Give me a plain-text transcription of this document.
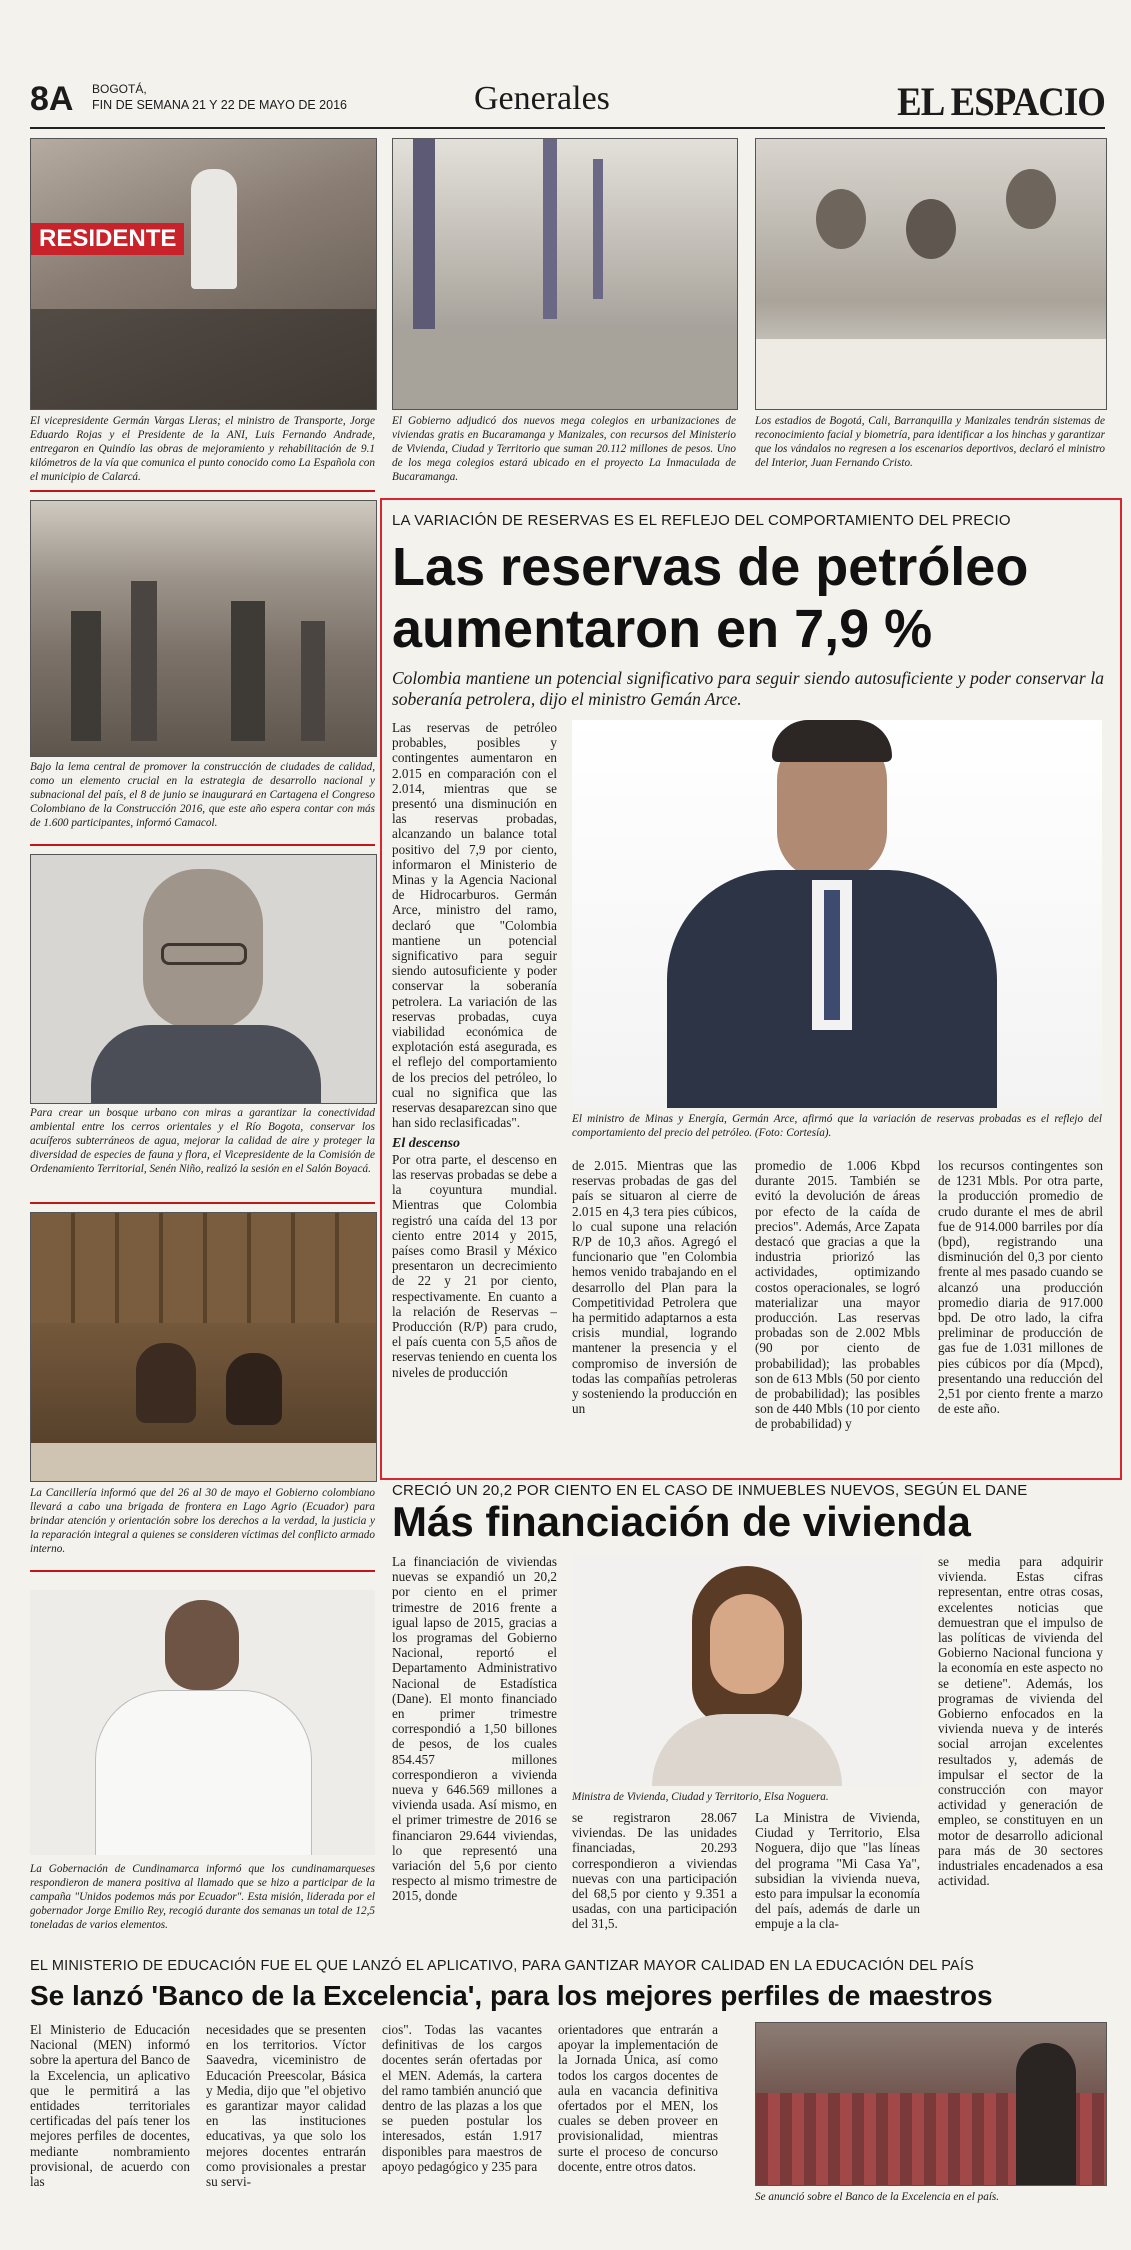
8A BOGOTÁ,
FIN DE SEMANA 21 Y 22 DE MAYO DE 2016	Generales	EL ESPACIO
RESIDENTE
El vicepresidente Germán Vargas Lleras; el ministro de Transporte, Jorge Eduardo Rojas y el Presidente de la ANI, Luis Fernando Andrade, entregaron en Quindío las obras de mejoramiento y rehabilitación de 9.1 kilómetros de la vía que comunica el punto conocido como La Española con el municipio de Calarcá.
El Gobierno adjudicó dos nuevos mega colegios en urbanizaciones de viviendas gratis en Bucaramanga y Manizales, con recursos del Ministerio de Vivienda, Ciudad y Territorio que suman 20.112 millones de pesos. Uno de los mega colegios estará ubicado en el proyecto La Inmaculada de Bucaramanga.
Los estadios de Bogotá, Cali, Barranquilla y Manizales tendrán sistemas de reconocimiento facial y biometría, para identificar a los hinchas y garantizar que los vándalos no regresen a los escenarios deportivos, declaró el ministro del Interior, Juan Fernando Cristo.
Bajo la lema central de promover la construcción de ciudades de calidad, como un elemento crucial en la estrategia de desarrollo nacional y subnacional del país, el 8 de junio se inaugurará en Cartagena el Congreso Colombiano de la Construcción 2016, que este año espera contar con más de 1.600 participantes, informó Camacol.
Para crear un bosque urbano con miras a garantizar la conectividad ambiental entre los cerros orientales y el Río Bogota, conservar los acuíferos subterráneos de agua, mejorar la calidad de aire y proteger la diversidad de especies de fauna y flora, el Vicepresidente de la Comisión de Ordenamiento Territorial, Senén Niño, realizó la sesión en el Salón Boyacá.
La Cancillería informó que del 26 al 30 de mayo el Gobierno colombiano llevará a cabo una brigada de frontera en Lago Agrio (Ecuador) para brindar atención y orientación sobre los derechos a la verdad, la justicia y la reparación integral a quienes se consideren víctimas del conflicto armado interno.
La Gobernación de Cundinamarca informó que los cundinamarqueses respondieron de manera positiva al llamado que se hizo a participar de la campaña "Unidos podemos más por Ecuador". Esta misión, liderada por el gobernador Jorge Emilio Rey, recogió durante dos semanas un total de 12,5 toneladas de varios elementos.
LA VARIACIÓN DE RESERVAS ES EL REFLEJO DEL COMPORTAMIENTO DEL PRECIO
Las reservas de petróleo
aumentaron en 7,9 %
Colombia mantiene un potencial significativo para seguir siendo autosuficiente y poder conservar la soberanía petrolera, dijo el ministro Gemán Arce.

Las reservas de petróleo probables, posibles y contingentes aumentaron en 2.015 en comparación con el 2.014, mientras que se presentó una disminución en las reservas probadas, alcanzando un balance total positivo del 7,9 por ciento, informaron el Ministerio de Minas y la Agencia Nacional de Hidrocarburos. Germán Arce, ministro del ramo, declaró que "Colombia mantiene un potencial significativo para seguir siendo autosuficiente y poder conservar la soberanía petrolera. La variación de las reservas probadas, cuya viabilidad económica de explotación está asegurada, es el reflejo del comportamiento de los precios del petróleo, lo cual no significa que las reservas desaparezcan sino que han sido reclasificadas".

El descenso

Por otra parte, el descenso en las reservas probadas se debe a la coyuntura mundial. Mientras que Colombia registró una caída del 13 por ciento entre 2014 y 2015, países como Brasil y México presentaron un decrecimiento de 22 y 21 por ciento, respectivamente. En cuanto a la relación de Reservas – Producción (R/P) para crudo, el país cuenta con 5,5 años de reservas teniendo en cuenta los niveles de producción

El ministro de Minas y Energía, Germán Arce, afirmó que la variación de reservas probadas es el reflejo del comportamiento del precio del petróleo. (Foto: Cortesía).
de 2.015. Mientras que las reservas probadas de gas del país se situaron al cierre de 2.015 en 4,3 tera pies cúbicos, lo cual supone una relación R/P de 10,3 años. Agregó el funcionario que "en Colombia hemos venido trabajando en el desarrollo del Plan para la Competitividad Petrolera que ha permitido adaptarnos a esta crisis mundial, logrando mantener la presencia y el compromiso de inversión de todas las compañías petroleras y sosteniendo la producción en un
promedio de 1.006 Kbpd durante 2015. También se evitó la devolución de áreas por efecto de la caída de precios". Además, Arce Zapata destacó que gracias a que la industria priorizó las actividades, optimizando costos operacionales, se logró materializar una mayor producción. Las reservas probadas son de 2.002 Mbls (90 por ciento de probabilidad); las probables son de 613 Mbls (50 por ciento de probabilidad); las posibles son de 440 Mbls (10 por ciento de probabilidad) y
los recursos contingentes son de 1231 Mbls. Por otra parte, la producción promedio de crudo durante el mes de abril fue de 914.000 barriles por día (bpd), registrando una disminución del 0,3 por ciento frente al mes pasado cuando se alcanzó una producción promedio diaria de 917.000 bpd. De otro lado, la cifra preliminar de producción de gas fue de 1.031 millones de pies cúbicos por día (Mpcd), presentando una reducción del 2,51 por ciento frente a marzo de este año.
CRECIÓ UN 20,2 POR CIENTO EN EL CASO DE INMUEBLES NUEVOS, SEGÚN EL DANE
Más financiación de vivienda
La financiación de viviendas nuevas se expandió un 20,2 por ciento en el primer trimestre de 2016 frente a igual lapso de 2015, gracias a los programas del Gobierno Nacional, reportó el Departamento Administrativo Nacional de Estadística (Dane). El monto financiado en primer trimestre correspondió a 1,50 billones de pesos, de los cuales 854.457 millones correspondieron a vivienda nueva y 646.569 millones a vivienda usada. Así mismo, en el primer trimestre de 2016 se financiaron 29.644 viviendas, lo que representó una variación del 5,6 por ciento respecto al mismo trimestre de 2015, donde
Ministra de Vivienda, Ciudad y Territorio, Elsa Noguera.
se registraron 28.067 viviendas. De las unidades financiadas, 20.293 correspondieron a viviendas nuevas con una participación del 68,5 por ciento y 9.351 a usadas, con una participación del 31,5.
La Ministra de Vivienda, Ciudad y Territorio, Elsa Noguera, dijo que "las líneas del programa "Mi Casa Ya", subsidian la vivienda nueva, esto para impulsar la economía del país, además de darle un empuje a la cla-
se media para adquirir vivienda. Estas cifras representan, entre otras cosas, excelentes noticias que demuestran que el impulso de las políticas de vivienda del Gobierno Nacional funciona y la economía en este aspecto no se detiene". Además, los programas de vivienda del Gobierno enfocados en la vivienda nueva y de interés social arrojan excelentes resultados y, además de impulsar el sector de la construcción con mayor actividad y generación de empleo, se constituyen en un motor de desarrollo adicional para más de 30 sectores industriales encadenados a esa actividad.
EL MINISTERIO DE EDUCACIÓN FUE EL QUE LANZÓ EL APLICATIVO, PARA GANTIZAR MAYOR CALIDAD EN LA EDUCACIÓN DEL PAÍS
Se lanzó 'Banco de la Excelencia', para los mejores perfiles de maestros
El Ministerio de Educación Nacional (MEN) informó sobre la apertura del Banco de la Excelencia, un aplicativo que le permitirá a las entidades territoriales certificadas del país tener los mejores perfiles de docentes, mediante nombramiento provisional, de acuerdo con las
necesidades que se presenten en los territorios. Víctor Saavedra, viceministro de Educación Preescolar, Básica y Media, dijo que "el objetivo es garantizar mayor calidad en las instituciones educativas, ya que solo los mejores docentes entrarán como provisionales a prestar su servi-
cios". Todas las vacantes definitivas de los cargos docentes serán ofertadas por el MEN. Además, la cartera del ramo también anunció que dentro de las plazas a los que se pueden postular los interesados, están 1.917 disponibles para maestros de apoyo pedagógico y 235 para
orientadores que entrarán a apoyar la implementación de la Jornada Única, así como todos los cargos docentes de aula en vacancia definitiva ofertados por el MEN, los cuales se deben proveer en provisionalidad, mientras surte el proceso de concurso docente, entre otros datos.
Se anunció sobre el Banco de la Excelencia en el país.
